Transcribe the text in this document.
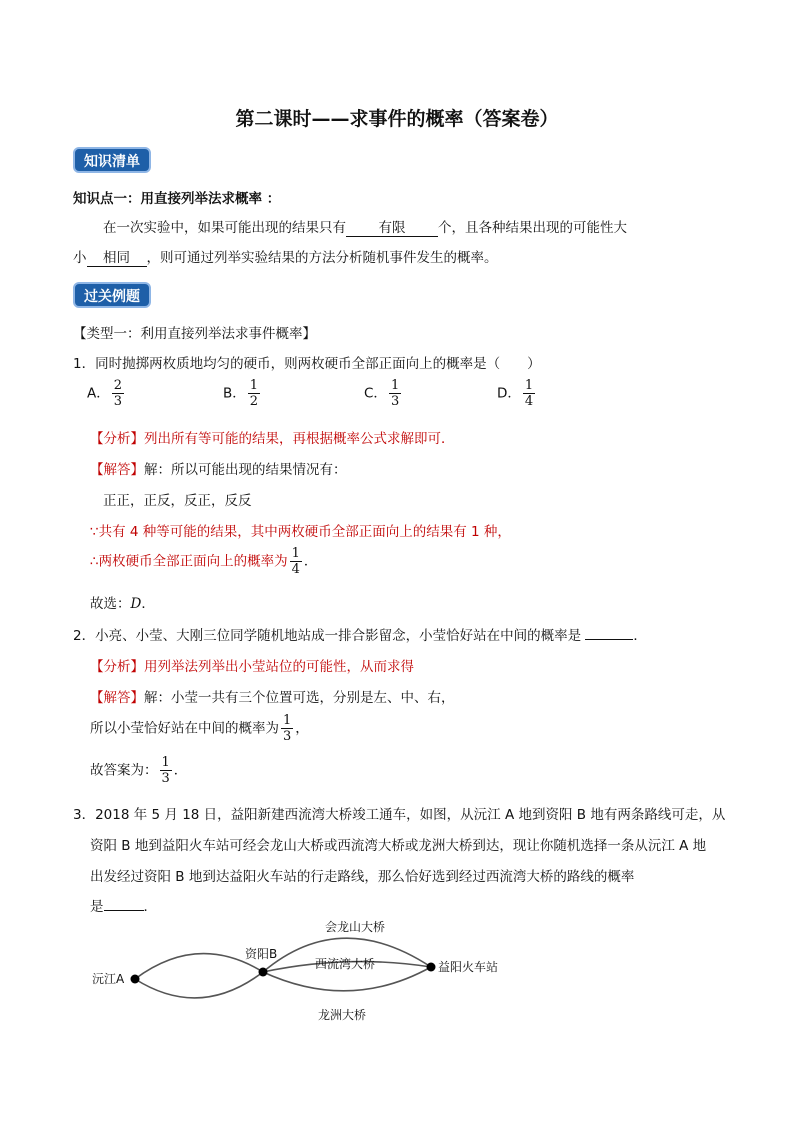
第二课时——求事件的概率（答案卷）
知识清单
知识点一：用直接列举法求概率 ：
在一次实验中，如果可能出现的结果只有 有限 个，且各种结果出现的可能性大
小 相同 ，则可通过列举实验结果的方法分析随机事件发生的概率。
过关例题
【类型一：利用直接列举法求事件概率】
1．同时抛掷两枚质地均匀的硬币，则两枚硬币全部正面向上的概率是（　　）
A． $\frac{2}{3}$	B． $\frac{1}{2}$	C． $\frac{1}{3}$	D． $\frac{1}{4}$
【分析】列出所有等可能的结果，再根据概率公式求解即可．
【解答】解：所以可能出现的结果情况有：
正正，正反，反正，反反
∵共有 4 种等可能的结果，其中两枚硬币全部正面向上的结果有 1 种，
∴两枚硬币全部正面向上的概率为 $\frac{1}{4}$ ．
故选：D．
2．小亮、小莹、大刚三位同学随机地站成一排合影留念，小莹恰好站在中间的概率是	．
【分析】用列举法列举出小莹站位的可能性，从而求得
【解答】解：小莹一共有三个位置可选，分别是左、中、右，
所以小莹恰好站在中间的概率为 $\frac{1}{3}$ ，
故答案为： $\frac{1}{3}$ ．
3．2018 年 5 月 18 日，益阳新建西流湾大桥竣工通车，如图，从沅江 A 地到资阳 B 地有两条路线可走，从
资阳 B 地到益阳火车站可经会龙山大桥或西流湾大桥或龙洲大桥到达，现让你随机选择一条从沅江 A 地
出发经过资阳 B 地到达益阳火车站的行走路线，那么恰好选到经过西流湾大桥的路线的概率
是	．
沅江A
资阳B
益阳火车站
会龙山大桥
西流湾大桥
龙洲大桥
